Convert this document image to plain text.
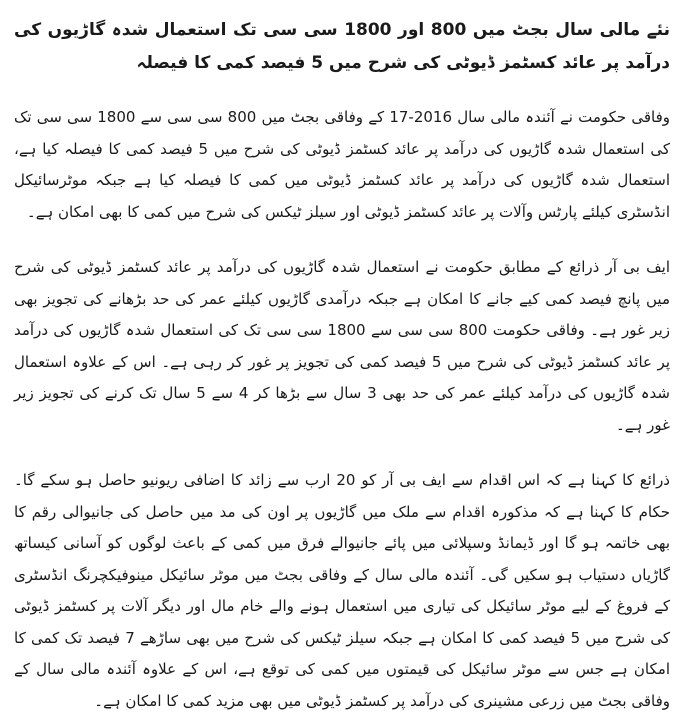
نئے مالی سال بجٹ میں 800 اور 1800 سی سی تک استعمال شدہ گاڑیوں کی درآمد پر عائد کسٹمز ڈیوٹی کی شرح میں 5 فیصد کمی کا فیصلہ

وفاقی حکومت نے آئندہ مالی سال 2016-17 کے وفاقی بجٹ میں 800 سی سی سے 1800 سی سی تک کی استعمال شدہ گاڑیوں کی درآمد پر عائد کسٹمز ڈیوٹی کی شرح میں 5 فیصد کمی کا فیصلہ کیا ہے، استعمال شدہ گاڑیوں کی درآمد پر عائد کسٹمز ڈیوٹی میں کمی کا فیصلہ کیا ہے جبکہ موٹرسائیکل انڈسٹری کیلئے پارٹس وآلات پر عائد کسٹمز ڈیوٹی اور سیلز ٹیکس کی شرح میں کمی کا بھی امکان ہے۔

ایف بی آر ذرائع کے مطابق حکومت نے استعمال شدہ گاڑیوں کی درآمد پر عائد کسٹمز ڈیوٹی کی شرح میں پانچ فیصد کمی کیے جانے کا امکان ہے جبکہ درآمدی گاڑیوں کیلئے عمر کی حد بڑھانے کی تجویز بھی زیر غور ہے۔ وفاقی حکومت 800 سی سی سے 1800 سی سی تک کی استعمال شدہ گاڑیوں کی درآمد پر عائد کسٹمز ڈیوٹی کی شرح میں 5 فیصد کمی کی تجویز پر غور کر رہی ہے۔ اس کے علاوہ استعمال شدہ گاڑیوں کی درآمد کیلئے عمر کی حد بھی 3 سال سے بڑھا کر 4 سے 5 سال تک کرنے کی تجویز زیر غور ہے۔

ذرائع کا کہنا ہے کہ اس اقدام سے ایف بی آر کو 20 ارب سے زائد کا اضافی ریونیو حاصل ہو سکے گا۔ حکام کا کہنا ہے کہ مذکورہ اقدام سے ملک میں گاڑیوں پر اون کی مد میں حاصل کی جانیوالی رقم کا بھی خاتمہ ہو گا اور ڈیمانڈ وسپلائی میں پائے جانیوالے فرق میں کمی کے باعث لوگوں کو آسانی کیساتھ گاڑیاں دستیاب ہو سکیں گی۔ آئندہ مالی سال کے وفاقی بجٹ میں موٹر سائیکل مینوفیکچرنگ انڈسٹری کے فروغ کے لیے موٹر سائیکل کی تیاری میں استعمال ہونے والے خام مال اور دیگر آلات پر کسٹمز ڈیوٹی کی شرح میں 5 فیصد کمی کا امکان ہے جبکہ سیلز ٹیکس کی شرح میں بھی ساڑھے 7 فیصد تک کمی کا امکان ہے جس سے موٹر سائیکل کی قیمتوں میں کمی کی توقع ہے، اس کے علاوہ آئندہ مالی سال کے وفاقی بجٹ میں زرعی مشینری کی درآمد پر کسٹمز ڈیوٹی میں بھی مزید کمی کا امکان ہے۔
